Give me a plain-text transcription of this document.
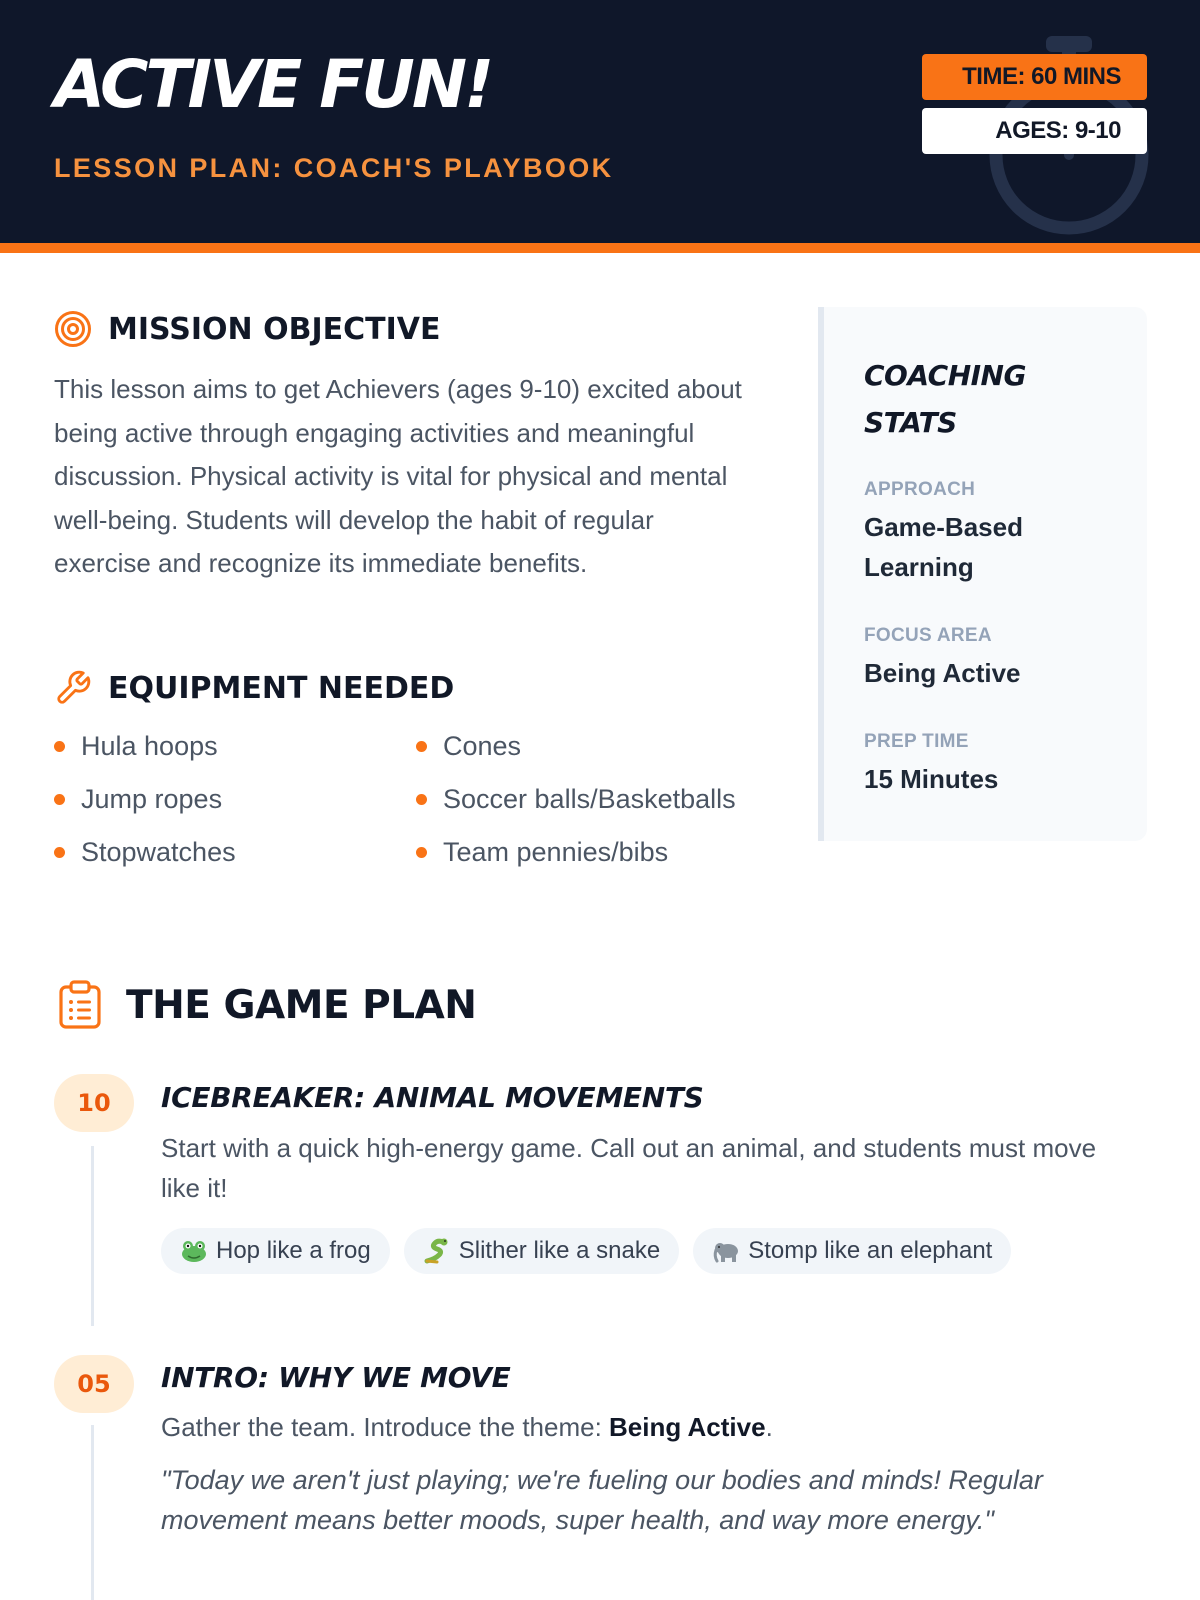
ACTIVE FUN!
LESSON PLAN: COACH'S PLAYBOOK
TIME: 60 MINS
AGES: 9-10
MISSION OBJECTIVE

This lesson aims to get Achievers (ages 9-10) excited about being active through engaging activities and meaningful discussion. Physical activity is vital for physical and mental well-being. Students will develop the habit of regular exercise and recognize its immediate benefits.

EQUIPMENT NEEDED
Hula hoops	Cones
Jump ropes	Soccer balls/Basketballs
Stopwatches	Team pennies/bibs
COACHING STATS
APPROACH
Game-Based Learning
FOCUS AREA
Being Active
PREP TIME
15 Minutes
THE GAME PLAN
10	ICEBREAKER: ANIMAL MOVEMENTS
Start with a quick high-energy game. Call out an animal, and students must move like it!
Hop like a frog	Slither like a snake	Stomp like an elephant
05	INTRO: WHY WE MOVE
Gather the team. Introduce the theme: Being Active.
"Today we aren't just playing; we're fueling our bodies and minds! Regular movement means better moods, super health, and way more energy."
